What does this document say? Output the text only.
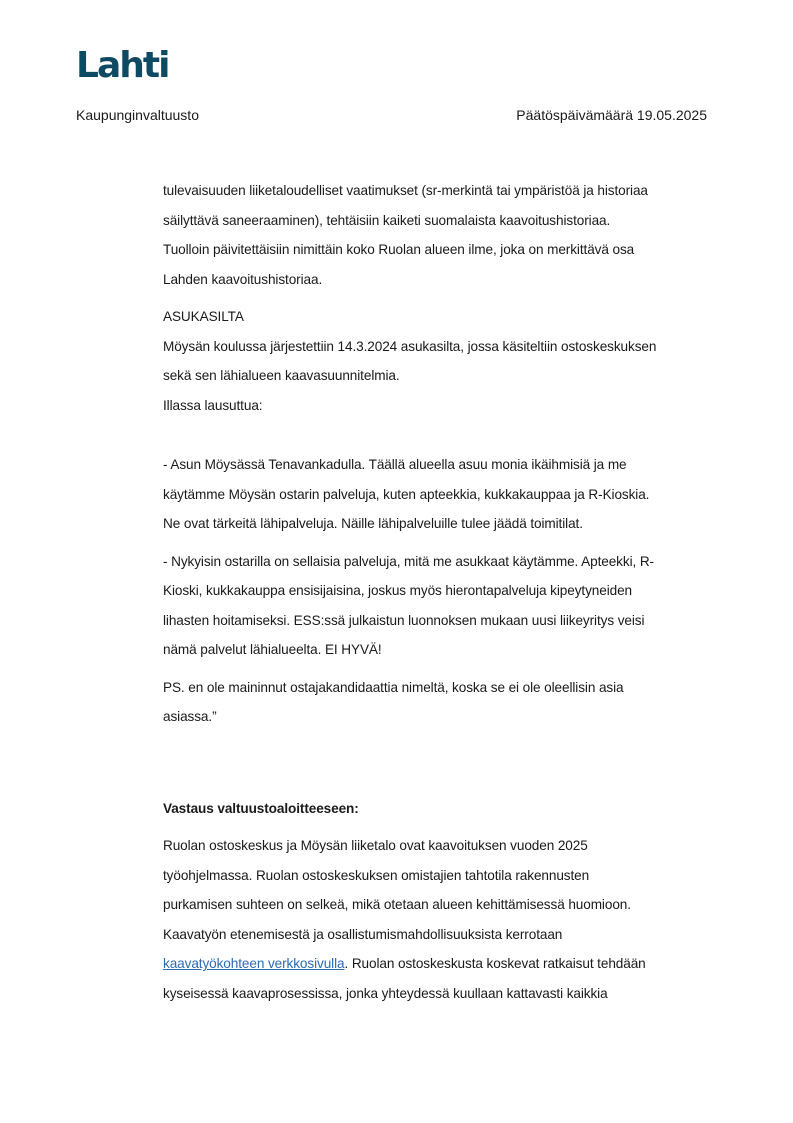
Lahti
Kaupunginvaltuusto	Päätöspäivämäärä 19.05.2025

tulevaisuuden liiketaloudelliset vaatimukset (sr-merkintä tai ympäristöä ja historiaa
säilyttävä saneeraaminen), tehtäisiin kaiketi suomalaista kaavoitushistoriaa.
Tuolloin päivitettäisiin nimittäin koko Ruolan alueen ilme, joka on merkittävä osa
Lahden kaavoitushistoriaa.

ASUKASILTA
Möysän koulussa järjestettiin 14.3.2024 asukasilta, jossa käsiteltiin ostoskeskuksen
sekä sen lähialueen kaavasuunnitelmia.
Illassa lausuttua:

- Asun Möysässä Tenavankadulla. Täällä alueella asuu monia ikäihmisiä ja me
käytämme Möysän ostarin palveluja, kuten apteekkia, kukkakauppaa ja R-Kioskia.
Ne ovat tärkeitä lähipalveluja. Näille lähipalveluille tulee jäädä toimitilat.

- Nykyisin ostarilla on sellaisia palveluja, mitä me asukkaat käytämme. Apteekki, R-
Kioski, kukkakauppa ensisijaisina, joskus myös hierontapalveluja kipeytyneiden
lihasten hoitamiseksi. ESS:ssä julkaistun luonnoksen mukaan uusi liikeyritys veisi
nämä palvelut lähialueelta. EI HYVÄ!

PS. en ole maininnut ostajakandidaattia nimeltä, koska se ei ole oleellisin asia
asiassa.”

Vastaus valtuustoaloitteeseen:

Ruolan ostoskeskus ja Möysän liiketalo ovat kaavoituksen vuoden 2025
työohjelmassa. Ruolan ostoskeskuksen omistajien tahtotila rakennusten
purkamisen suhteen on selkeä, mikä otetaan alueen kehittämisessä huomioon.
Kaavatyön etenemisestä ja osallistumismahdollisuuksista kerrotaan
kaavatyökohteen verkkosivulla. Ruolan ostoskeskusta koskevat ratkaisut tehdään
kyseisessä kaavaprosessissa, jonka yhteydessä kuullaan kattavasti kaikkia
